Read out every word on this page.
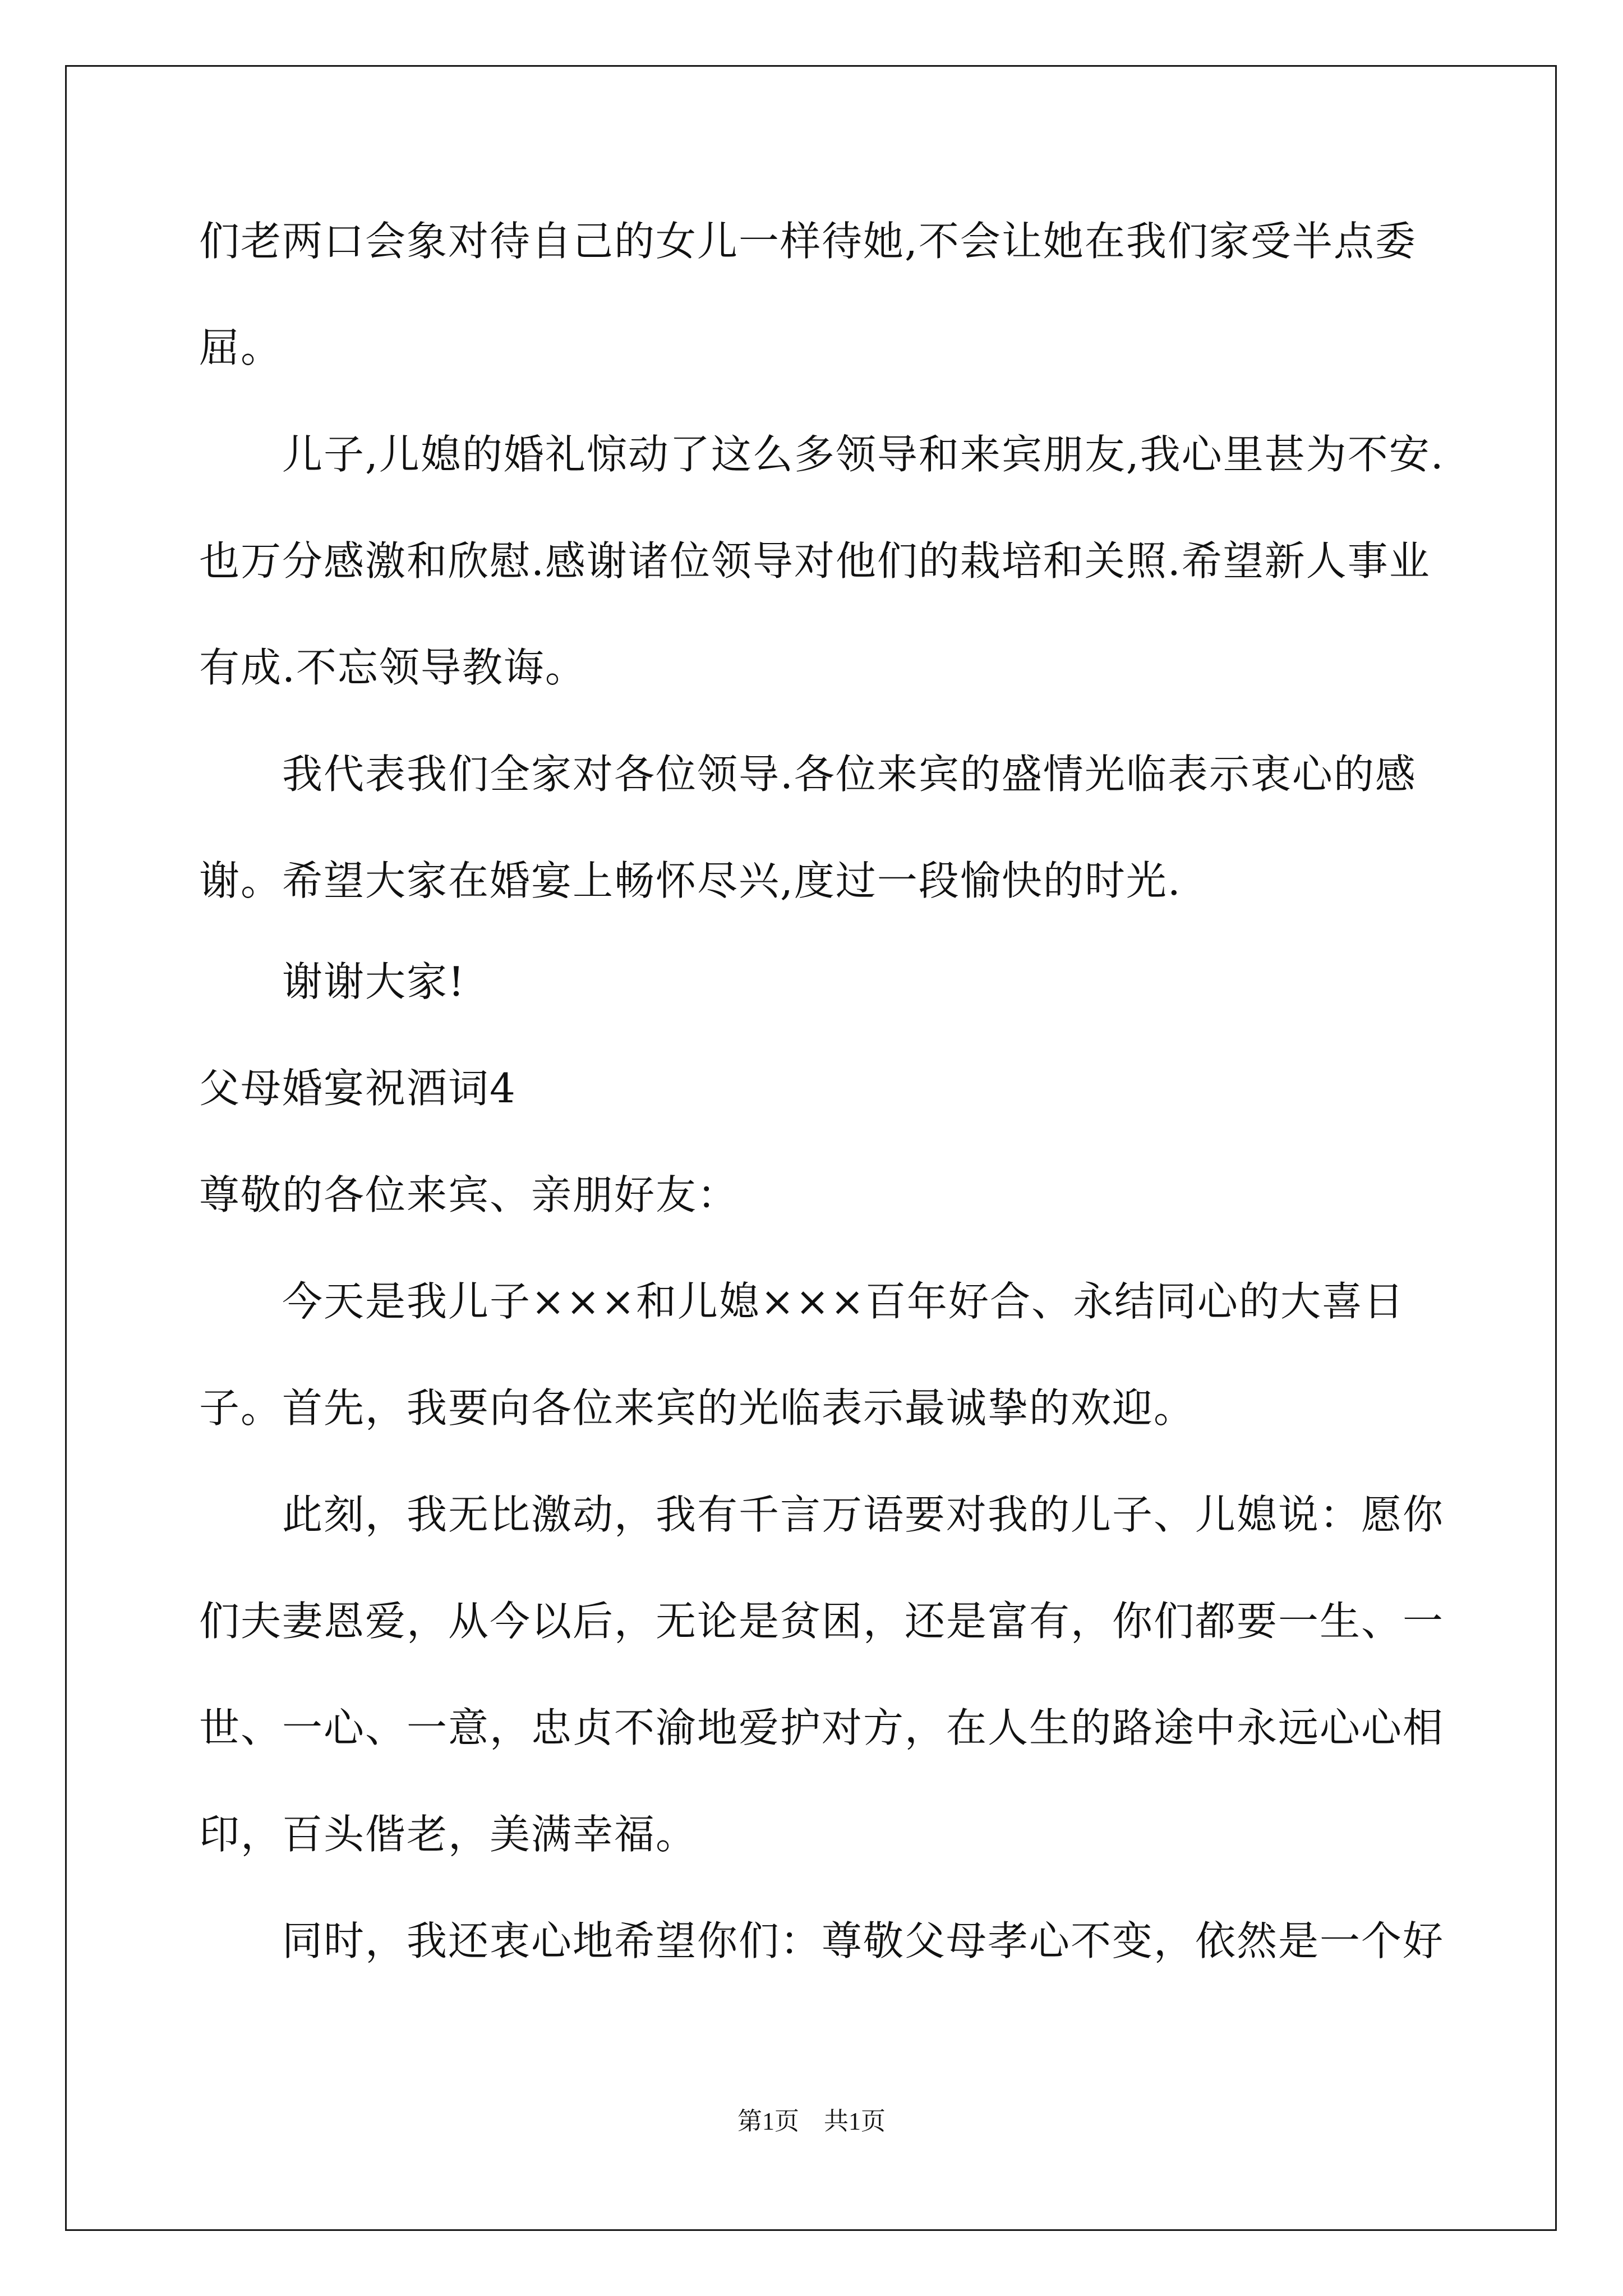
们老两口会象对待自己的女儿一样待她,不会让她在我们家受半点委
屈。
儿子,儿媳的婚礼惊动了这么多领导和来宾朋友,我心里甚为不安.
也万分感激和欣慰.感谢诸位领导对他们的栽培和关照.希望新人事业
有成.不忘领导教诲。
我代表我们全家对各位领导.各位来宾的盛情光临表示衷心的感
谢。希望大家在婚宴上畅怀尽兴,度过一段愉快的时光.
谢谢大家!
父母婚宴祝酒词4
尊敬的各位来宾、亲朋好友：
今天是我儿子×××和儿媳×××百年好合、永结同心的大喜日
子。首先，我要向各位来宾的光临表示最诚挚的欢迎。
此刻，我无比激动，我有千言万语要对我的儿子、儿媳说：愿你
们夫妻恩爱，从今以后，无论是贫困，还是富有，你们都要一生、一
世、一心、一意，忠贞不渝地爱护对方，在人生的路途中永远心心相
印，百头偕老，美满幸福。
同时，我还衷心地希望你们：尊敬父母孝心不变，依然是一个好
第1页　共1页
